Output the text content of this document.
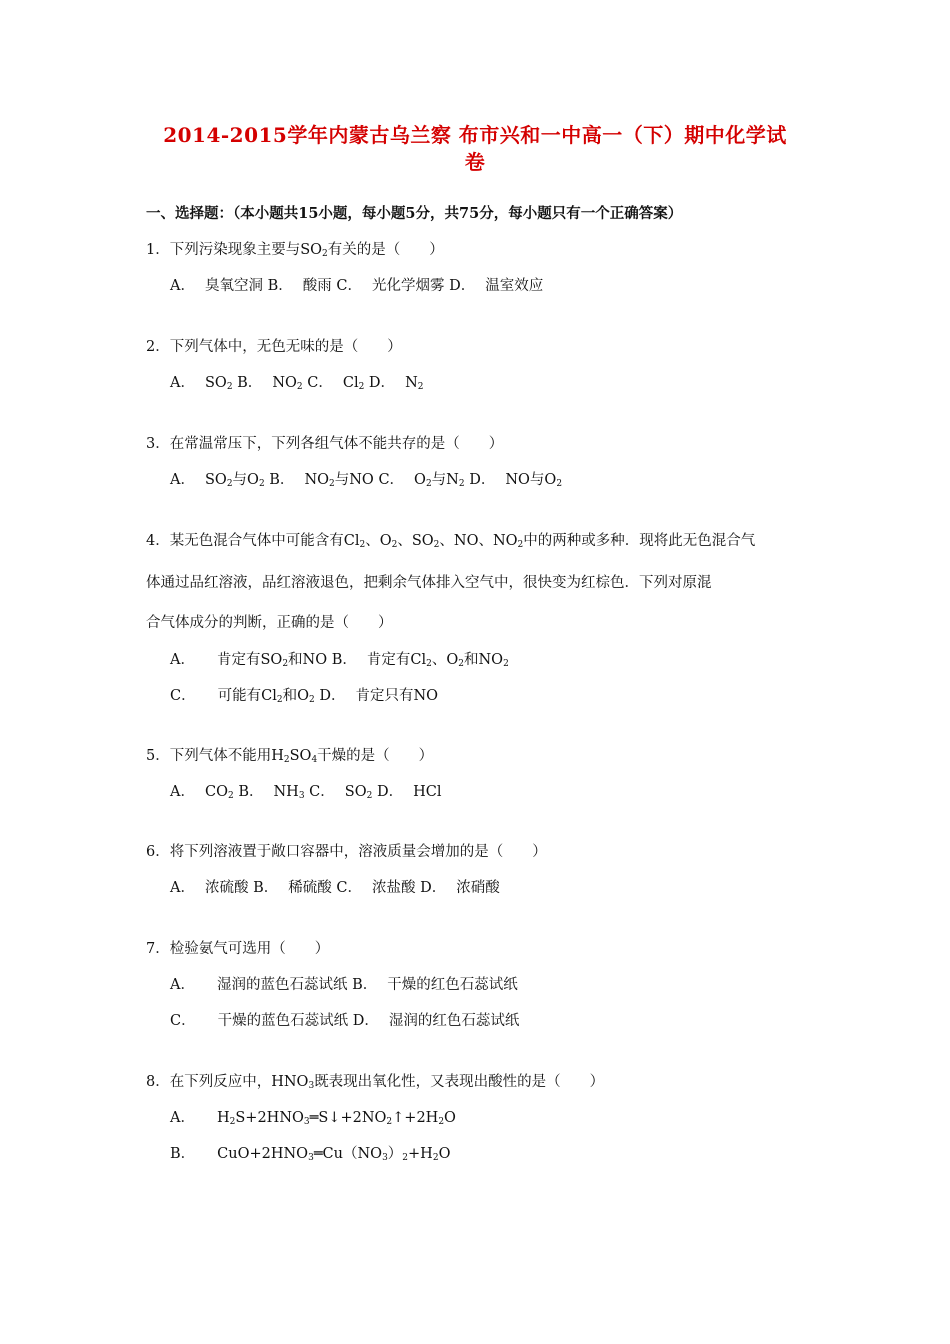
2014-2015学年内蒙古乌兰察 布市兴和一中高一（下）期中化学试
卷
一、选择题：（本小题共15小题，每小题5分，共75分，每小题只有一个正确答案）
1．下列污染现象主要与$SO_2$有关的是（　　）
A． 臭氧空洞 B． 酸雨 C． 光化学烟雾 D． 温室效应
2．下列气体中，无色无味的是（　　）
A． $SO_2$ B． $NO_2$ C． $Cl_2$ D． $N_2$
3．在常温常压下，下列各组气体不能共存的是（　　）
A． $SO_2$与$O_2$ B． $NO_2$与NO C． $O_2$与$N_2$ D． NO与$O_2$
4．某无色混合气体中可能含有$Cl_2$、$O_2$、$SO_2$、NO、$NO_2$中的两种或多种．现将此无色混合气
体通过品红溶液，品红溶液退色，把剩余气体排入空气中，很快变为红棕色．下列对原混
合气体成分的判断，正确的是（　　）
A． 肯定有$SO_2$和NO B． 肯定有$Cl_2$、$O_2$和$NO_2$
C． 可能有$Cl_2$和$O_2$ D． 肯定只有NO
5．下列气体不能用$H_2SO_4$干燥的是（　　）
A． $CO_2$ B． $NH_3$ C． $SO_2$ D． HCl
6．将下列溶液置于敞口容器中，溶液质量会增加的是（　　）
A． 浓硫酸 B． 稀硫酸 C． 浓盐酸 D． 浓硝酸
7．检验氨气可选用（　　）
A． 湿润的蓝色石蕊试纸 B． 干燥的红色石蕊试纸
C． 干燥的蓝色石蕊试纸 D． 湿润的红色石蕊试纸
8．在下列反应中，$HNO_3$既表现出氧化性，又表现出酸性的是（　　）
A． $H_2S+2HNO_3═S↓+2NO_2↑+2H_2O$
B． $CuO+2HNO_3═Cu(NO_3)_2+H_2O$
